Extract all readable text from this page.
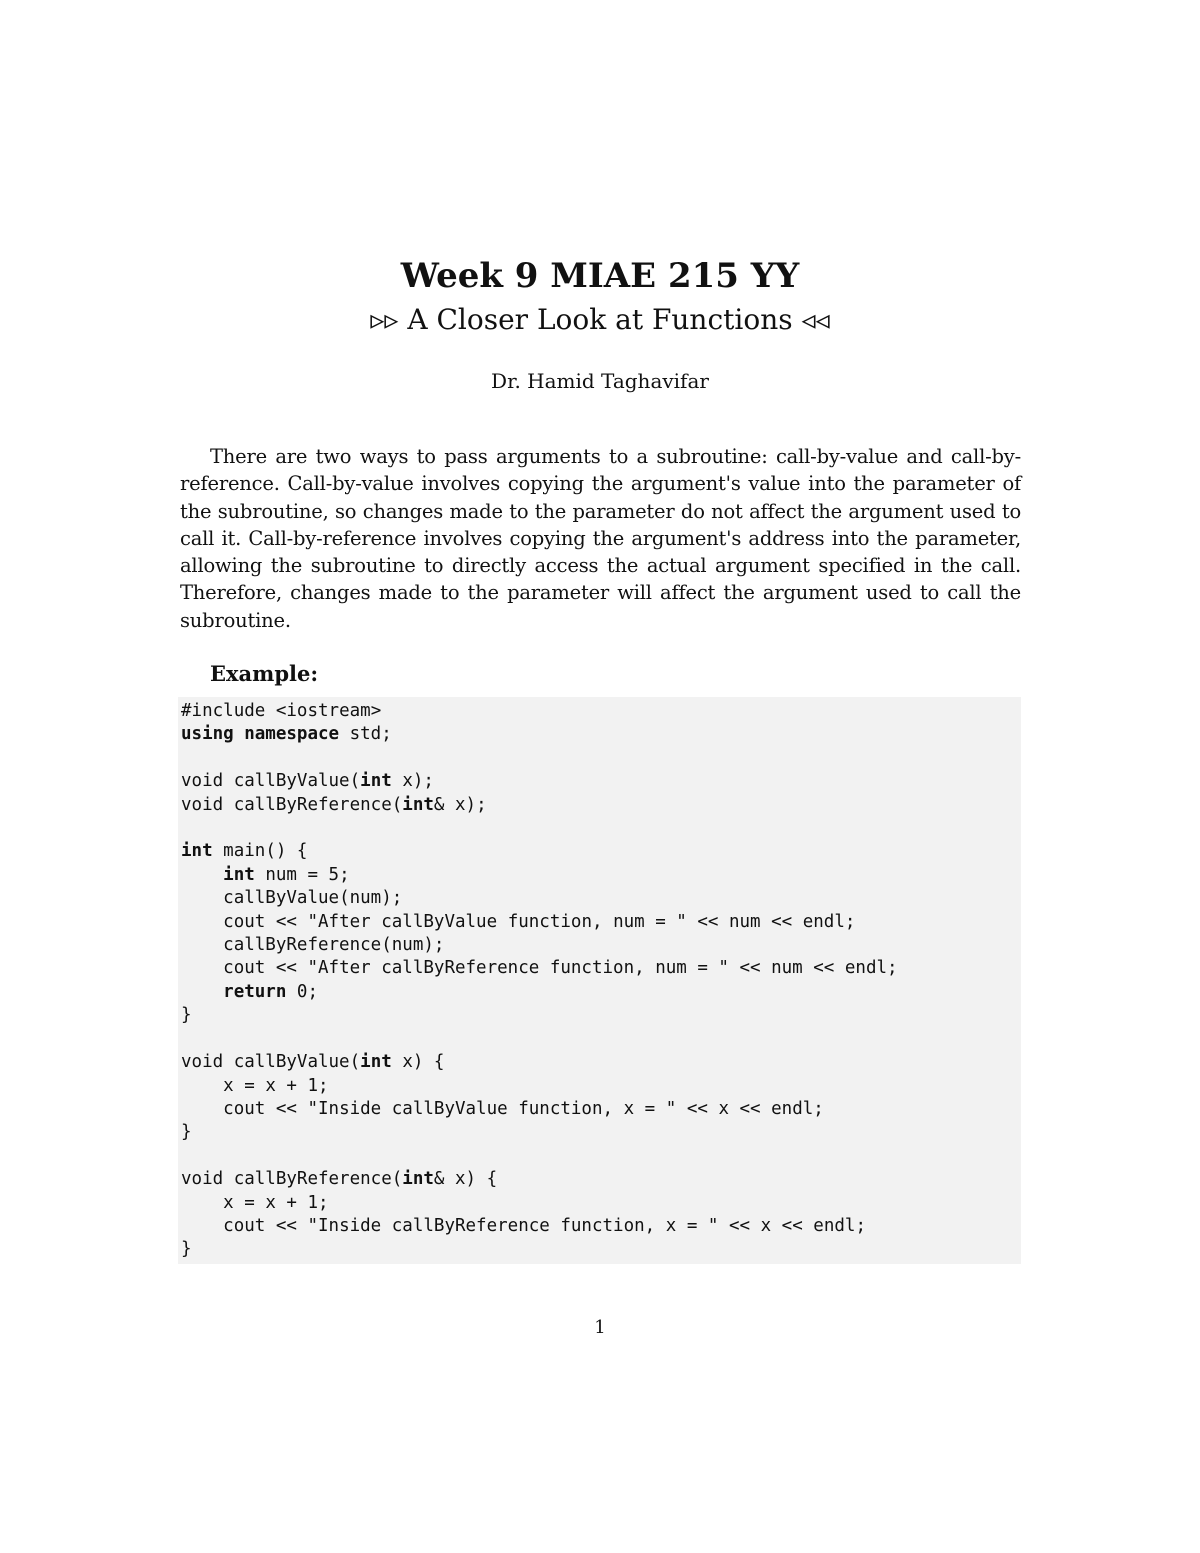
Week 9 MIAE 215 YY
▹▹ A Closer Look at Functions ◃◃
Dr. Hamid Taghavifar
There are two ways to pass arguments to a subroutine: call-by-value and call-by-reference. Call-by-value involves copying the argument's value into the parameter of the subroutine, so changes made to the parameter do not affect the argument used to call it. Call-by-reference involves copying the argument's address into the parameter, allowing the subroutine to directly access the actual argument specified in the call. Therefore, changes made to the parameter will affect the argument used to call the subroutine.
Example:
#include <iostream>
using namespace std;

void callByValue(int x);
void callByReference(int& x);

int main() {
int num = 5;
callByValue(num);
cout << "After callByValue function, num = " << num << endl;
callByReference(num);
cout << "After callByReference function, num = " << num << endl;
return 0;
}

void callByValue(int x) {
x = x + 1;
cout << "Inside callByValue function, x = " << x << endl;
}

void callByReference(int& x) {
x = x + 1;
cout << "Inside callByReference function, x = " << x << endl;
}
1
